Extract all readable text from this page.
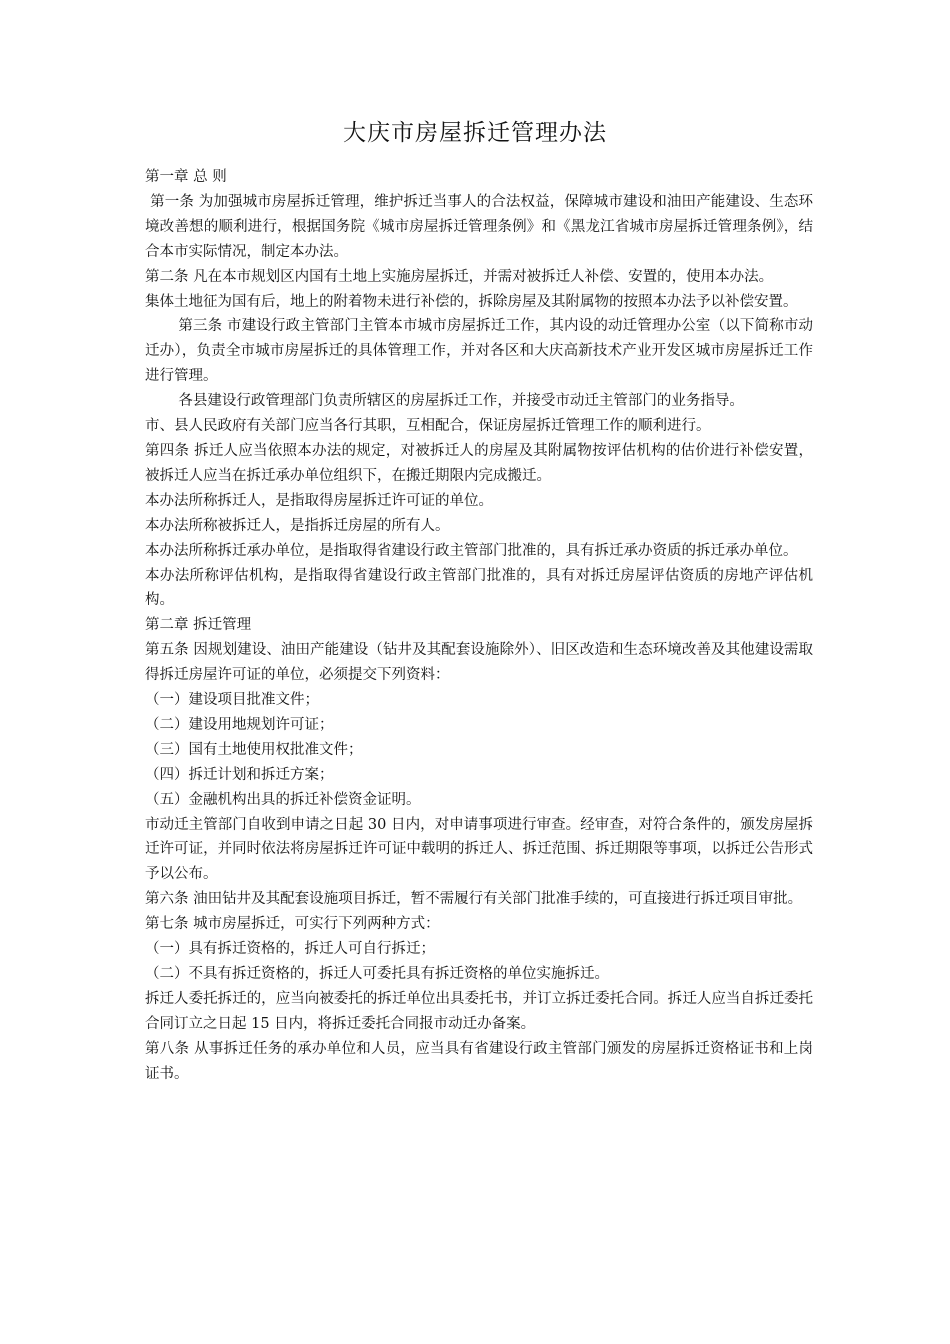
大庆市房屋拆迁管理办法

第一章 总 则

第一条 为加强城市房屋拆迁管理，维护拆迁当事人的合法权益，保障城市建设和油田产能建设、生态环境改善想的顺利进行，根据国务院《城市房屋拆迁管理条例》和《黑龙江省城市房屋拆迁管理条例》，结合本市实际情况，制定本办法。

第二条 凡在本市规划区内国有土地上实施房屋拆迁，并需对被拆迁人补偿、安置的，使用本办法。

集体土地征为国有后，地上的附着物未进行补偿的，拆除房屋及其附属物的按照本办法予以补偿安置。

第三条 市建设行政主管部门主管本市城市房屋拆迁工作，其内设的动迁管理办公室（以下简称市动迁办），负责全市城市房屋拆迁的具体管理工作，并对各区和大庆高新技术产业开发区城市房屋拆迁工作进行管理。

各县建设行政管理部门负责所辖区的房屋拆迁工作，并接受市动迁主管部门的业务指导。

市、县人民政府有关部门应当各行其职，互相配合，保证房屋拆迁管理工作的顺利进行。

第四条 拆迁人应当依照本办法的规定，对被拆迁人的房屋及其附属物按评估机构的估价进行补偿安置，被拆迁人应当在拆迁承办单位组织下，在搬迁期限内完成搬迁。

本办法所称拆迁人，是指取得房屋拆迁许可证的单位。

本办法所称被拆迁人，是指拆迁房屋的所有人。

本办法所称拆迁承办单位，是指取得省建设行政主管部门批准的，具有拆迁承办资质的拆迁承办单位。

本办法所称评估机构，是指取得省建设行政主管部门批准的，具有对拆迁房屋评估资质的房地产评估机构。

第二章 拆迁管理

第五条 因规划建设、油田产能建设（钻井及其配套设施除外）、旧区改造和生态环境改善及其他建设需取得拆迁房屋许可证的单位，必须提交下列资料：

（一）建设项目批准文件；

（二）建设用地规划许可证；

（三）国有土地使用权批准文件；

（四）拆迁计划和拆迁方案；

（五）金融机构出具的拆迁补偿资金证明。

市动迁主管部门自收到申请之日起 30 日内，对申请事项进行审查。经审查，对符合条件的，颁发房屋拆迁许可证，并同时依法将房屋拆迁许可证中载明的拆迁人、拆迁范围、拆迁期限等事项，以拆迁公告形式予以公布。

第六条 油田钻井及其配套设施项目拆迁，暂不需履行有关部门批准手续的，可直接进行拆迁项目审批。

第七条 城市房屋拆迁，可实行下列两种方式：

（一）具有拆迁资格的，拆迁人可自行拆迁；

（二）不具有拆迁资格的，拆迁人可委托具有拆迁资格的单位实施拆迁。

拆迁人委托拆迁的，应当向被委托的拆迁单位出具委托书，并订立拆迁委托合同。拆迁人应当自拆迁委托合同订立之日起 15 日内，将拆迁委托合同报市动迁办备案。

第八条 从事拆迁任务的承办单位和人员，应当具有省建设行政主管部门颁发的房屋拆迁资格证书和上岗证书。
